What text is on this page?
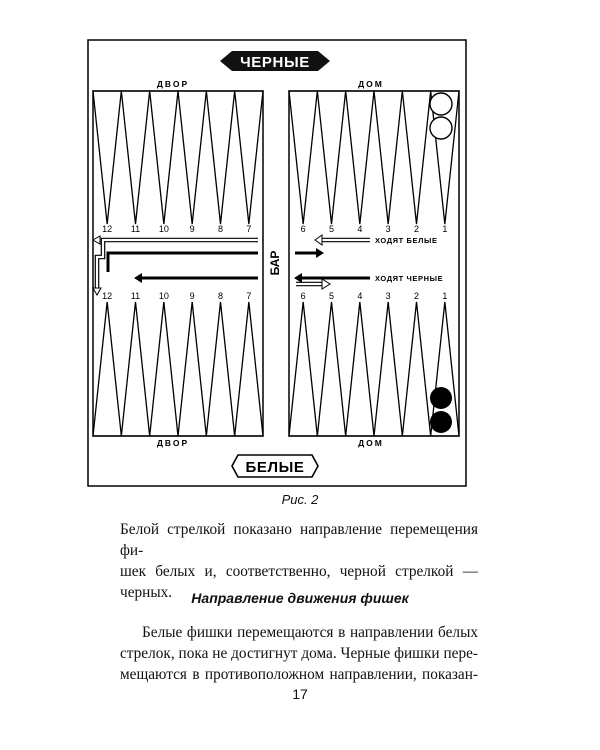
ЧЕРНЫЕ
ДВОР	ДОМ
12
12
11
11
10
10
9
9
8
8
7
7
6
6
5
5
4
4
3
3
2
2
1
1
БАР
ХОДЯТ БЕЛЫЕ
ХОДЯТ ЧЕРНЫЕ
ДВОР	ДОМ
БЕЛЫЕ
Рис. 2
Белой стрелкой показано направление перемещения фи-
шек белых и, соответственно, черной стрелкой — черных.	Направление движения фишек
Белые фишки перемещаются в направлении белых
стрелок, пока не достигнут дома. Черные фишки пере-
мещаются в противоположном направлении, показан-
17
